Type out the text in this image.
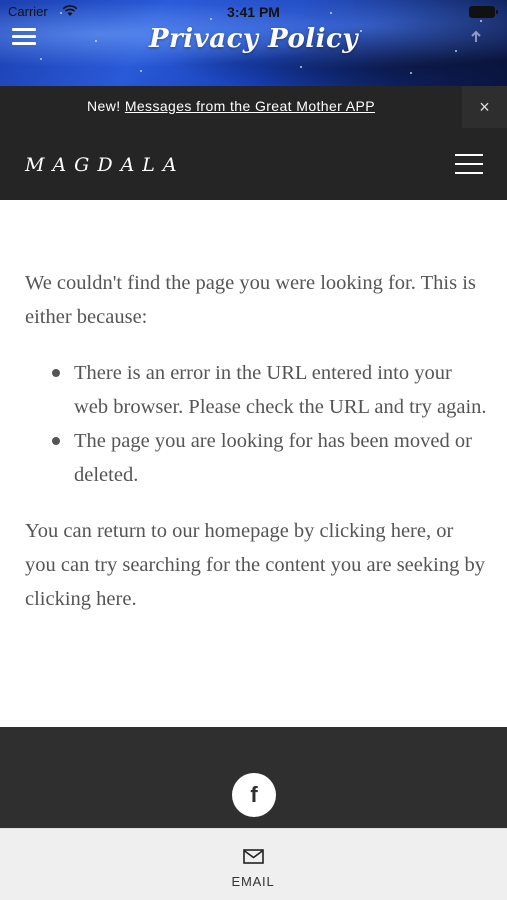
Carrier	3:41 PM
Privacy Policy
New! Messages from the Great Mother APP	×
MAGDALA

We couldn't find the page you were looking for. This is either because:

There is an error in the URL entered into your web browser. Please check the URL and try again.
The page you are looking for has been moved or deleted.

You can return to our homepage by clicking here, or you can try searching for the content you are seeking by clicking here.

f
EMAIL
